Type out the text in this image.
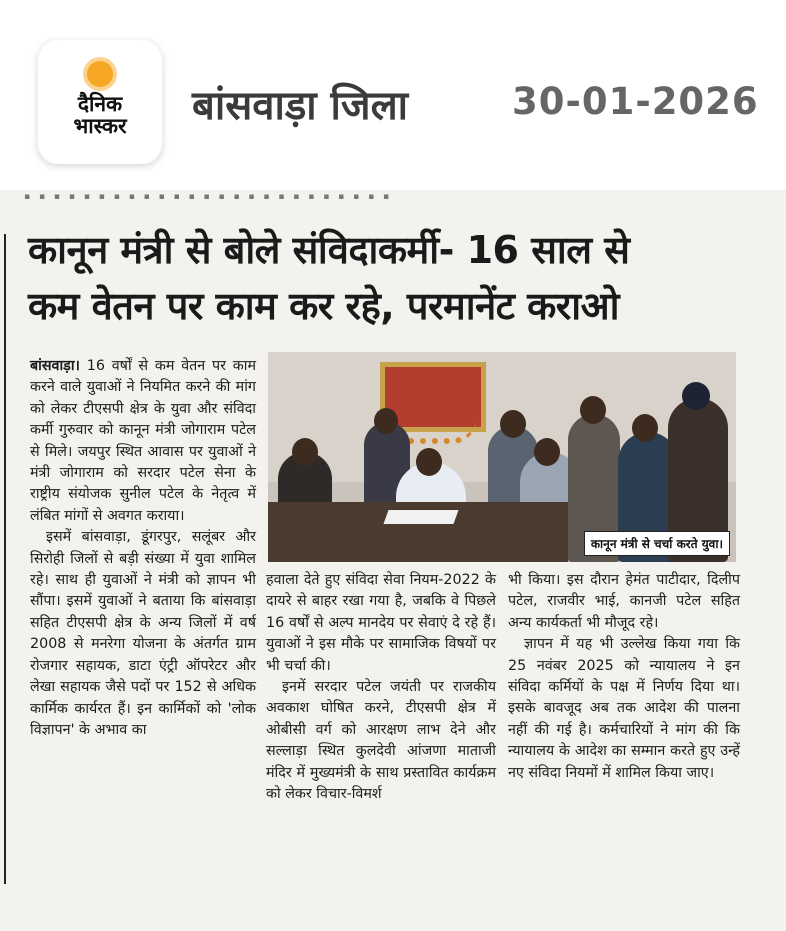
दैनिक
भास्कर बांसवाड़ा जिला	30-01-2026
▪ ▪ ▪ ▪ ▪ ▪ ▪ ▪ ▪ ▪ ▪ ▪ ▪ ▪ ▪ ▪ ▪ ▪ ▪ ▪ ▪ ▪ ▪ ▪ ▪
कानून मंत्री से बोले संविदाकर्मी- 16 साल से
कम वेतन पर काम कर रहे, परमानेंट कराओ

बांसवाड़ा। 16 वर्षों से कम वेतन पर काम करने वाले युवाओं ने नियमित करने की मांग को लेकर टीएसपी क्षेत्र के युवा और संविदा कर्मी गुरुवार को कानून मंत्री जोगाराम पटेल से मिले। जयपुर स्थित आवास पर युवाओं ने मंत्री जोगाराम को सरदार पटेल सेना के राष्ट्रीय संयोजक सुनील पटेल के नेतृत्व में लंबित मांगों से अवगत कराया।

इसमें बांसवाड़ा, डूंगरपुर, सलूंबर और सिरोही जिलों से बड़ी संख्या में युवा शामिल रहे। साथ ही युवाओं ने मंत्री को ज्ञापन भी सौंपा। इसमें युवाओं ने बताया कि बांसवाड़ा सहित टीएसपी क्षेत्र के अन्य जिलों में वर्ष 2008 से मनरेगा योजना के अंतर्गत ग्राम रोजगार सहायक, डाटा एंट्री ऑपरेटर और लेखा सहायक जैसे पदों पर 152 से अधिक कार्मिक कार्यरत हैं। इन कार्मिकों को 'लोक विज्ञापन' के अभाव का

कानून मंत्री से चर्चा करते युवा।

हवाला देते हुए संविदा सेवा नियम-2022 के दायरे से बाहर रखा गया है, जबकि वे पिछले 16 वर्षों से अल्प मानदेय पर सेवाएं दे रहे हैं। युवाओं ने इस मौके पर सामाजिक विषयों पर भी चर्चा की।

इनमें सरदार पटेल जयंती पर राजकीय अवकाश घोषित करने, टीएसपी क्षेत्र में ओबीसी वर्ग को आरक्षण लाभ देने और सल्लाड़ा स्थित कुलदेवी आंजणा माताजी मंदिर में मुख्यमंत्री के साथ प्रस्तावित कार्यक्रम को लेकर विचार-विमर्श

भी किया। इस दौरान हेमंत पाटीदार, दिलीप पटेल, राजवीर भाई, कानजी पटेल सहित अन्य कार्यकर्ता भी मौजूद रहे।

ज्ञापन में यह भी उल्लेख किया गया कि 25 नवंबर 2025 को न्यायालय ने इन संविदा कर्मियों के पक्ष में निर्णय दिया था। इसके बावजूद अब तक आदेश की पालना नहीं की गई है। कर्मचारियों ने मांग की कि न्यायालय के आदेश का सम्मान करते हुए उन्हें नए संविदा नियमों में शामिल किया जाए।
